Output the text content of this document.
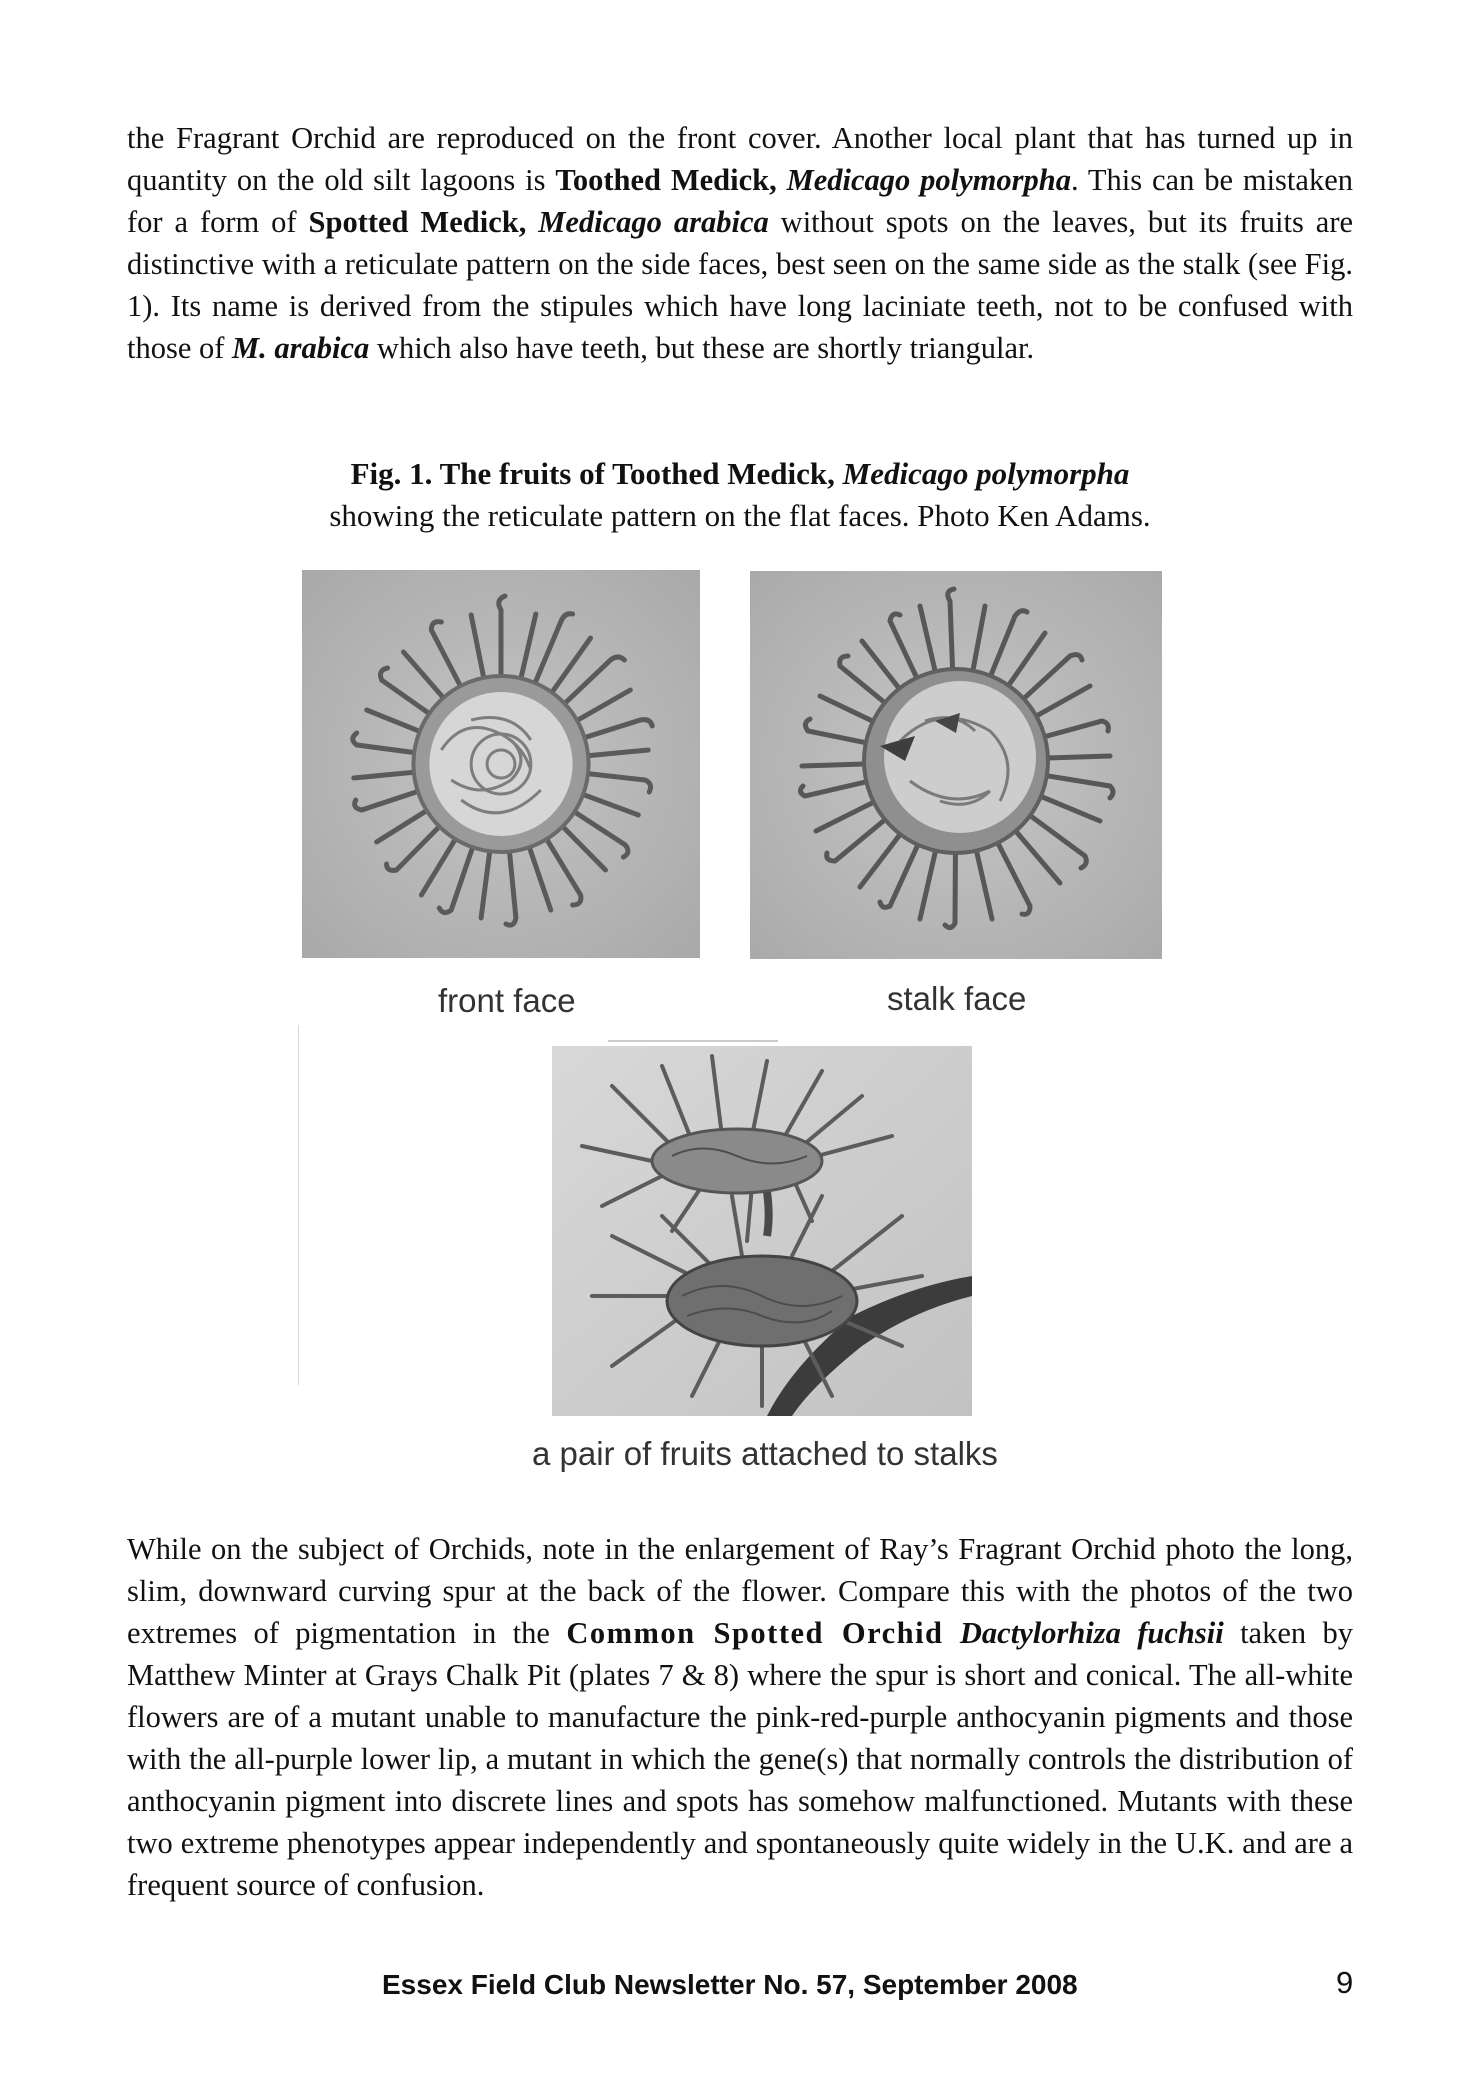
the Fragrant Orchid are reproduced on the front cover. Another local plant that has turned up in quantity on the old silt lagoons is Toothed Medick, Medicago polymorpha. This can be mistaken for a form of Spotted Medick, Medicago arabica without spots on the leaves, but its fruits are distinctive with a reticulate pattern on the side faces, best seen on the same side as the stalk (see Fig. 1). Its name is derived from the stipules which have long laciniate teeth, not to be confused with those of M. arabica which also have teeth, but these are shortly triangular.

Fig. 1. The fruits of Toothed Medick, Medicago polymorpha

showing the reticulate pattern on the flat faces. Photo Ken Adams.

front face	stalk face
a pair of fruits attached to stalks

While on the subject of Orchids, note in the enlargement of Ray’s Fragrant Orchid photo the long, slim, downward curving spur at the back of the flower. Compare this with the photos of the two extremes of pigmentation in the Common Spotted Orchid Dactylorhiza fuchsii taken by Matthew Minter at Grays Chalk Pit (plates 7 & 8) where the spur is short and conical. The all-white flowers are of a mutant unable to manufacture the pink-red-purple anthocyanin pigments and those with the all-purple lower lip, a mutant in which the gene(s) that normally controls the distribution of anthocyanin pigment into discrete lines and spots has somehow malfunctioned. Mutants with these two extreme phenotypes appear independently and spontaneously quite widely in the U.K. and are a frequent source of confusion.

Essex Field Club Newsletter No. 57, September 2008	9
